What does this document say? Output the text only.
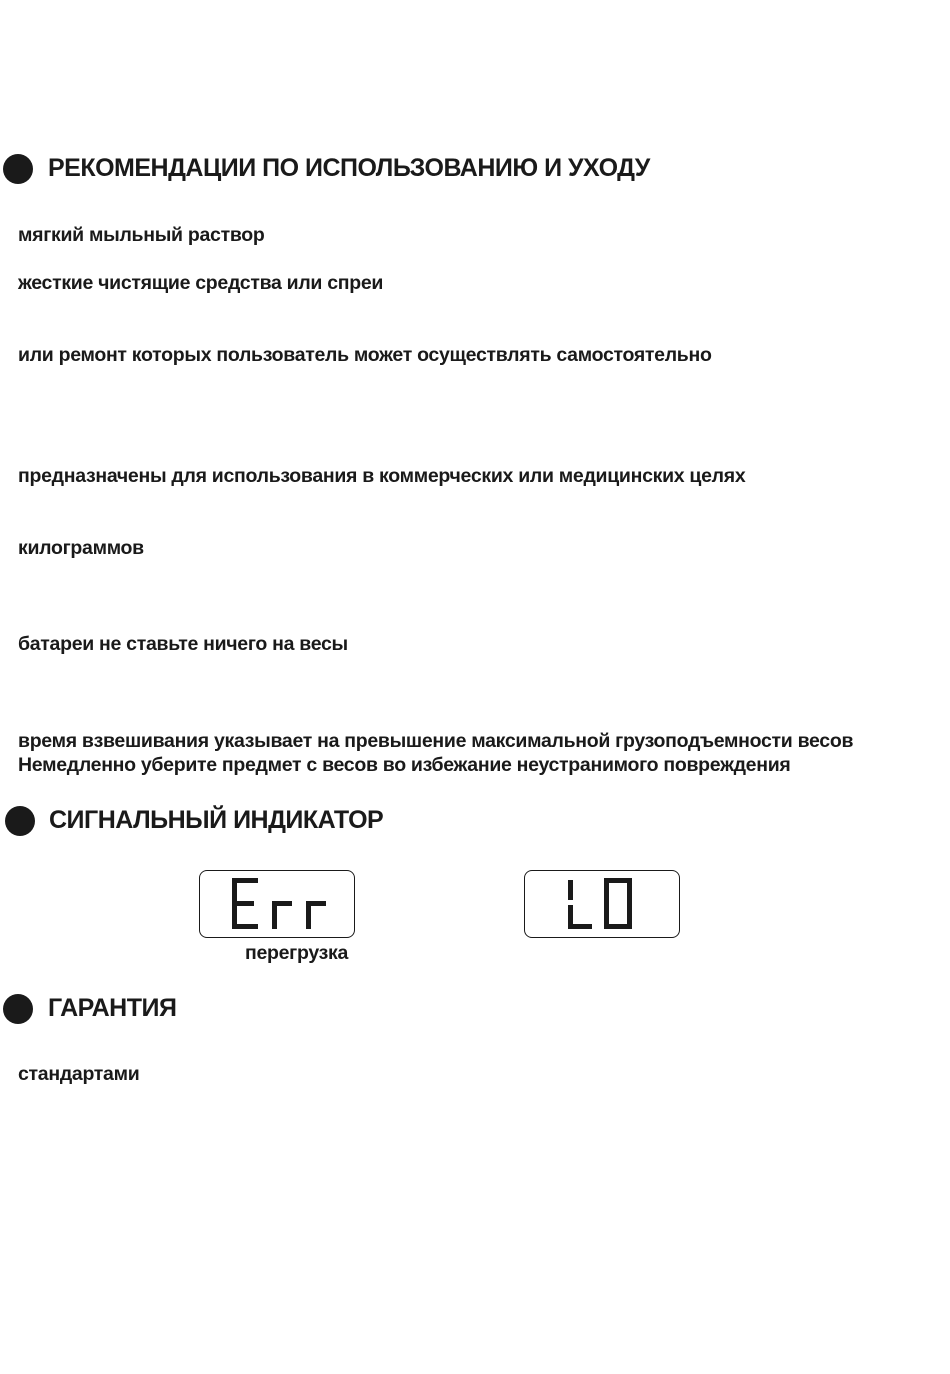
РЕКОМЕНДАЦИИ ПО ИСПОЛЬЗОВАНИЮ И УХОДУ
мягкий мыльный раствор
жесткие чистящие средства или спреи
или ремонт которых пользователь может осуществлять самостоятельно
предназначены для использования в коммерческих или медицинских целях
килограммов
батареи не ставьте ничего на весы
время взвешивания указывает на превышение максимальной грузоподъемности весов
Немедленно уберите предмет с весов во избежание неустранимого повреждения
СИГНАЛЬНЫЙ ИНДИКАТОР
перегрузка
ГАРАНТИЯ
стандартами
